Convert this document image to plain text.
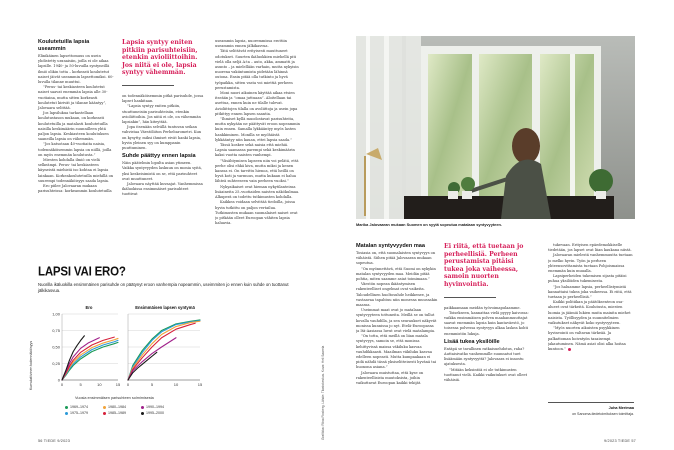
Koulutetuilla lapsia useammin

Elinikäinen lapsettomuus on usein yhdistetty uranaisiin, joilla ei ole aikaa lapsille. 1940- ja 50-luvuilla syntyneillä ilmiö olikin totta – korkeasti koulutetut naiset jäivät useammin lapsettomiksi. 60-luvulla tilanne muuttui.

”Perus- tai keskiasteen koulutetut naiset saavat enemmän lapsia alle 30-vuotiaina, mutta sitten korkeasti koulutetut kirivät ja tilanne kääntyy”, Jalovaara selittää.

Jos lapsilukua tarkastellaan koulutustason mukaan, on korkeasti koulutetuilla ja matalasti koulutetuilla naisilla keskimäärin suunnilleen yhtä paljon lapsia. Keskiasteen koulutuksen saaneilla lapsia on vähemmän.

”Jos katsotaan 40-vuotiaita naisia, todennäköisemmin lapsia on niillä, joilla on myös enemmän koulutusta.”

Miesten kohdalla ilmiö on vielä selkeämpi. Perus- tai keskiasteen käyneistä miehistä iso kohtaa ei lapsia lainkaan. Korkeakoulutetuilla miehillä on suurempi todennäköisyys saada lapsia.

Ero piilee Jalovaaran mukaan parisuhteissa: korkeammin koulutetuilla

Lapsia syntyy eniten pitkiin parisuhteisiin, etenkin avioliittoihin. Jos niitä ei ole, lapsia syntyy vähemmän.

on todennäköisemmin pitkä parisuhde, jossa lapset hankitaan.

”Lapsia syntyy eniten pitkiin, stuuttuneisiin parisuhteisiin, etenkin avioliittoihin. Jos niitä ei ole, on vähemmän lapsiakin”, hän kiteyttää.

Jopa itsenään selvällä tuntuvan seikan vahvistaa Väestöliiton Perhebarometri. Kun on kysytty, miksi ihmiset eivät hanki lapsia, hyvin yleinen syy on kumppanin puuttuminen.

Suhde päättyy ennen lapsia

Näin päätelmin lopulta asian ytimeen. Vaikka syntyvyyden laskuun on monia syitä, yksi keskeisimistä on se, että parisuhteet ovat muuttuneet.

Jalovaara näyttää kuvaajat. Vanhemmissa ikäluokissa ensimmäiset parisuhteet tuottivat

useammin lapsia, nuoremmissa erottiin useammin ennen jälkikasvua.

Tätä selittävät erityisesti muuttuneet odotukset. Suurten ikäluokkien miehellä piti vielä olla neljä A:ta – auto, akka, ammatti ja asunto – ja mielellään varhain, mutta nykyisin nuorena vakiintumista pidetään lähinnä outona. Ensin pitää olla tutkinto ja hyvä työpaikka, sitten vasta voi miettiä perheen perustamista.

Moni nuori aikuinen käyttää aikaa etsien itseään ja ”omaa juttuaan”. Aloitellaan tai asettua, ennen kuin ne tilalle tulevat. Avioliittojen tilalla on avoliittoja ja usein jopa pitkittyy ennen lapsen saantia.

”Ihmiset kyllä muodostavat parisuhteita, mutta nykyään ne päättyvät eroon nopeammin kuin ennen. Samalla lykkääntyy myös lasten hankkiminen. Monilla se myöhäistä lykkääntyy niin kauan, ettei lapsia saada.”

Tässä koskee sekä naisia että miehiä. Lapsia saamassa parempi sekä keskimäärin kaksi vuotta naisten vanhempi.

”Väsähtymisen lapseen niin voi pelätä, että perhe olisi ehkä kiva, mutta miksi ja kenen kanssa ei. On tarvittu hienoa, että heillä on hyvä koti ja varmuus, mutta kukaan ei halua lähteä suhteeseen vain perheen vuoksi.”

Nykyaikaiset ovat hieman nykytilanteissa lisäaineita 25–vuotiaiden naisten näkökulmaa. Alkuperä on todettu tutkimusten kohdalla.

Kaikkea voidaan selvittää tiedoilla, joissa hyvin tutkittu on paljon vertailua. Tutkimusten mukaan suomalaiset naiset ovat jo pitkään olleet Euroopan vähiten lapsia haluavia.

LAPSI VAI ERO?
Nuorilla ikäluokilla ensimmäinen parisuhde on päätynyt eroon vanhempia nopeammin, useimmiten jo ennen kuin suhde on tuottanut jälkikasvua.
Ero
0
0,25
0,50
0,75
1,00
0	5	10	15
Ensimmäisen lapsen syntymä
0	5	10	15
Kumulatiivinen todennäköisyys
Vuosia ensimmäisen parisuhteen solmimisesta
1969–1974	1980–1984	1990–1994
1975–1979	1985–1989	1995–2000	Grafiikka: Riina Rosberg. Lähde: Tilastokeskus. Kuva: Heli Saarela
Marika Jalovaaran mukaan Suomen on syytä sopeutua matalaan syntyvyyteen.
Matalan syntyvyyden maa

Tosiasia on, että suomalaisten syntyvyys on vähäistä. Siihen pitää Jalovaaran mukaan sopeutua.

”On myönnettävä, että Suomi on nykykin matalan syntyvyyden maa. Meidän pitää pohtia, miten saamme asiat toimimaan.”

Väestön nopean ikääntymisen rakenteelliset ongelmat ovat vaikeita. Taloudellinen huoltosuhde heikkenee, ja vastaavaa tapahtuu niin monessa muussakin maassa.

Useimmat maat ovat jo matalaan syntyvyyteen tottuneita. Meillä se on tullut kovalla vauhdilla, ja sen seuraukset näkyvät monissa kunnissa jo nyt. Etelä-Euroopassa ja Itä-Aasiassa luvut ovat vielä matalampia.

”On totta, että meillä on liian matala syntyvyys, samoin se, että monissa kehittyvissä maissa väkiluku kasvaa vauhdikkaasti. Maailman väkiluku kasvaa edelleen nopeasti. Mutta kumpaakaan ei pidä nähdä tässä yksiselitteisesti hyvänä tai huonona asiana.”

Jalovaara muistuttaa, että kyse on rakenteellisista muutoksista, joihin vaikuttavat Euroopan kaikki tekijät.

Ei riitä, että tuetaan jo perheellisiä. Perheen perustamista pitäisi tukea joka vaiheessa, samoin nuorten hyvinvointia.

paikkaamaan meidän työvoimapulaamme.

Toisekseen, kannattaa vielä pyyyy kaivossa: vaikka ensimmäisen polven maahanmuuttajat saavat enemmän lapsia kuin kantaväestö, jo toisessa polvessa syntyvyys alkaa laskea kohti enemmistön lukuja.

Lisää tukea yksilöille

Entäpä se tavallinen ratkaisuehdotus, raha? Auttaisivatko vanhemmille suunnatut tuet lisäämään syntyvyyttä? Jalovaara ei innostu ajatuksesta.

”Mitään keksintöä ei ole tutkimusten tuottanut vielä. Kaikki vaikutukset ovat olleet vähäisiä.

tukevaan. Erityisen epäedemokkiselle tiedetään, jos lapset ovat liian kaukana niistä.

Jalovaaran mielestä vanhemmuutta tuetaan jo melko hyvin. Työn ja perheen yhteensovittamista tuetaan Pohjoismaissa enemmän kuin muualla.

Lapsiperheiden tukemisen sijasta pitäisi puhua yksilöiden tukemisesta.

”Jos haluamme lapsia, perheellistymistä kannattaisi tukea joka vaiheessa. Ei riitä, että tuetaan jo perheellisiä.”

Kaikki politiikan ja päätöksenteon osa-alueet ovat tärkeitä. Koulutusta, miesten luomia ja jäämiä lukien muita mainita miehet naisista. Työllisyyden ja suunnitelmien vaikutukset näkyvät koko syntyvyyteen.

”Myös nuorten aikuisten psyykkinen hyvinvointi on valtavan tärkeää. Ja palkattoman hoivatyön tasaisempi jakautuminen. Nämä asiat olisi alka hoitaa kuntoon.”

Juha Merimaa
on Sanoma-tiedetoimituksen toimittaja.
56 TIEDE 9/2023	9/2023 TIEDE 57
